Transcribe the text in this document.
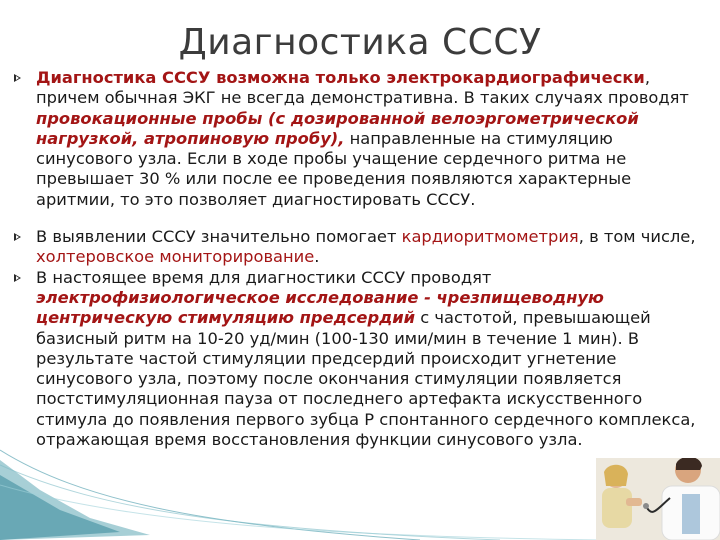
Диагностика СССУ

Диагностика СССУ возможна только электрокардиографически, причем обычная ЭКГ не всегда демонстративна. В таких случаях проводят провокационные пробы (с дозированной велоэргометрической нагрузкой, атропиновую пробу), направленные на стимуляцию синусового узла. Если в ходе пробы учащение сердечного ритма не превышает 30 % или после ее проведения появляются характерные аритмии, то это позволяет диагностировать СССУ.

В выявлении СССУ значительно помогает кардиоритмометрия, в том числе, холтеровское мониторирование.

В настоящее время для диагностики СССУ проводят электрофизиологическое исследование - чрезпищеводную центрическую стимуляцию предсердий с частотой, превышающей базисный ритм на 10-20 уд/мин (100-130 ими/мин в течение 1 мин). В результате частой стимуляции предсердий происходит угнетение синусового узла, поэтому после окончания стимуляции появляется постстимуляционная пауза от последнего артефакта искусственного стимула до появления первого зубца Р спонтанного сердечного комплекса, отражающая время восстановления функции синусового узла.
